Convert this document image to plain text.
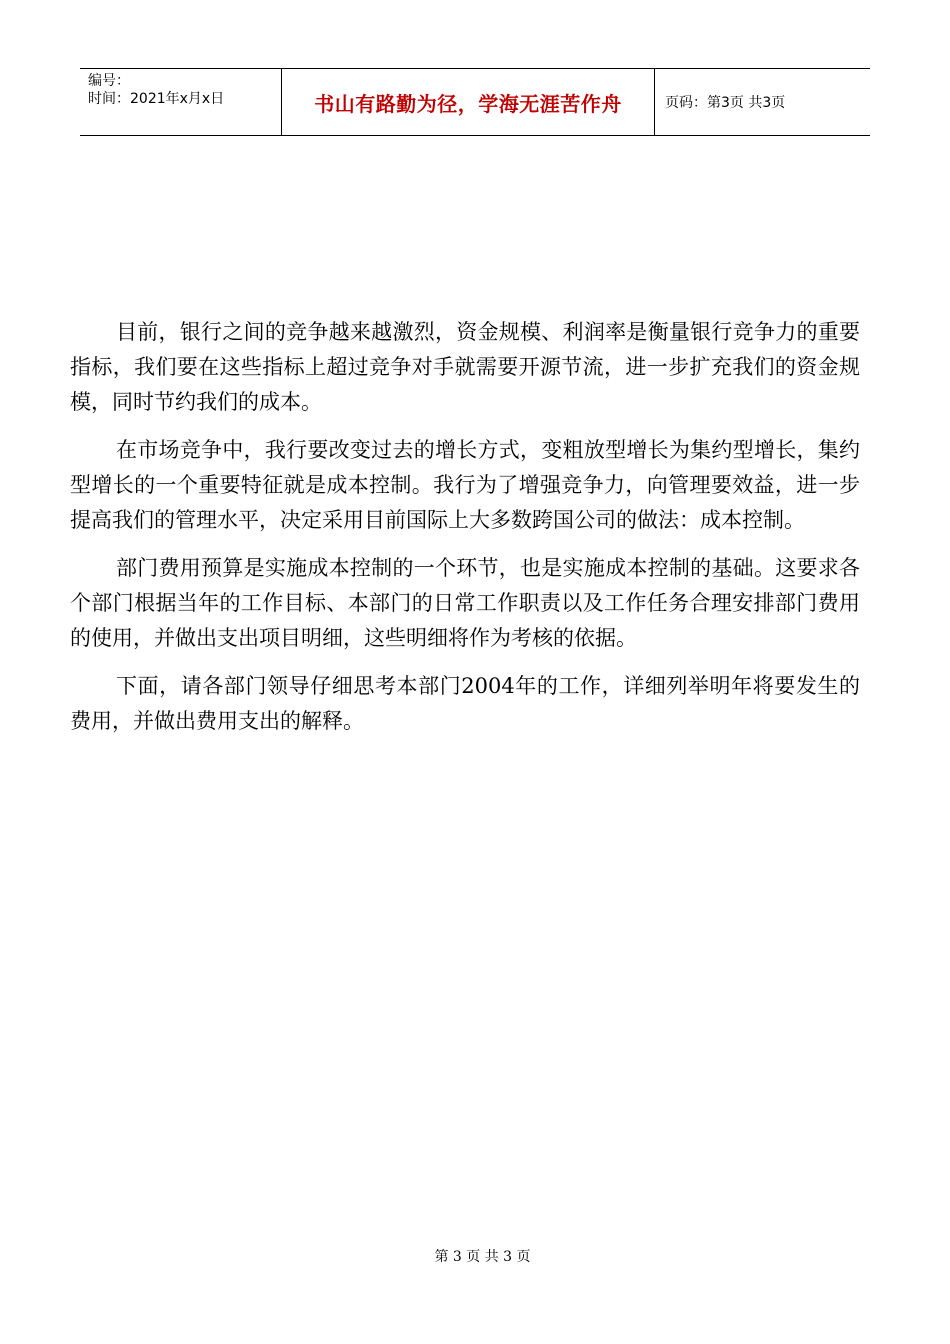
编号：
时间：2021年x月x日	书山有路勤为径，学海无涯苦作舟	页码：第3页 共3页

目前，银行之间的竞争越来越激烈，资金规模、利润率是衡量银行竞争力的重要指标，我们要在这些指标上超过竞争对手就需要开源节流，进一步扩充我们的资金规模，同时节约我们的成本。

在市场竞争中，我行要改变过去的增长方式，变粗放型增长为集约型增长，集约型增长的一个重要特征就是成本控制。我行为了增强竞争力，向管理要效益，进一步提高我们的管理水平，决定采用目前国际上大多数跨国公司的做法：成本控制。

部门费用预算是实施成本控制的一个环节，也是实施成本控制的基础。这要求各个部门根据当年的工作目标、本部门的日常工作职责以及工作任务合理安排部门费用的使用，并做出支出项目明细，这些明细将作为考核的依据。

下面，请各部门领导仔细思考本部门2004年的工作，详细列举明年将要发生的费用，并做出费用支出的解释。

第 3 页 共 3 页
